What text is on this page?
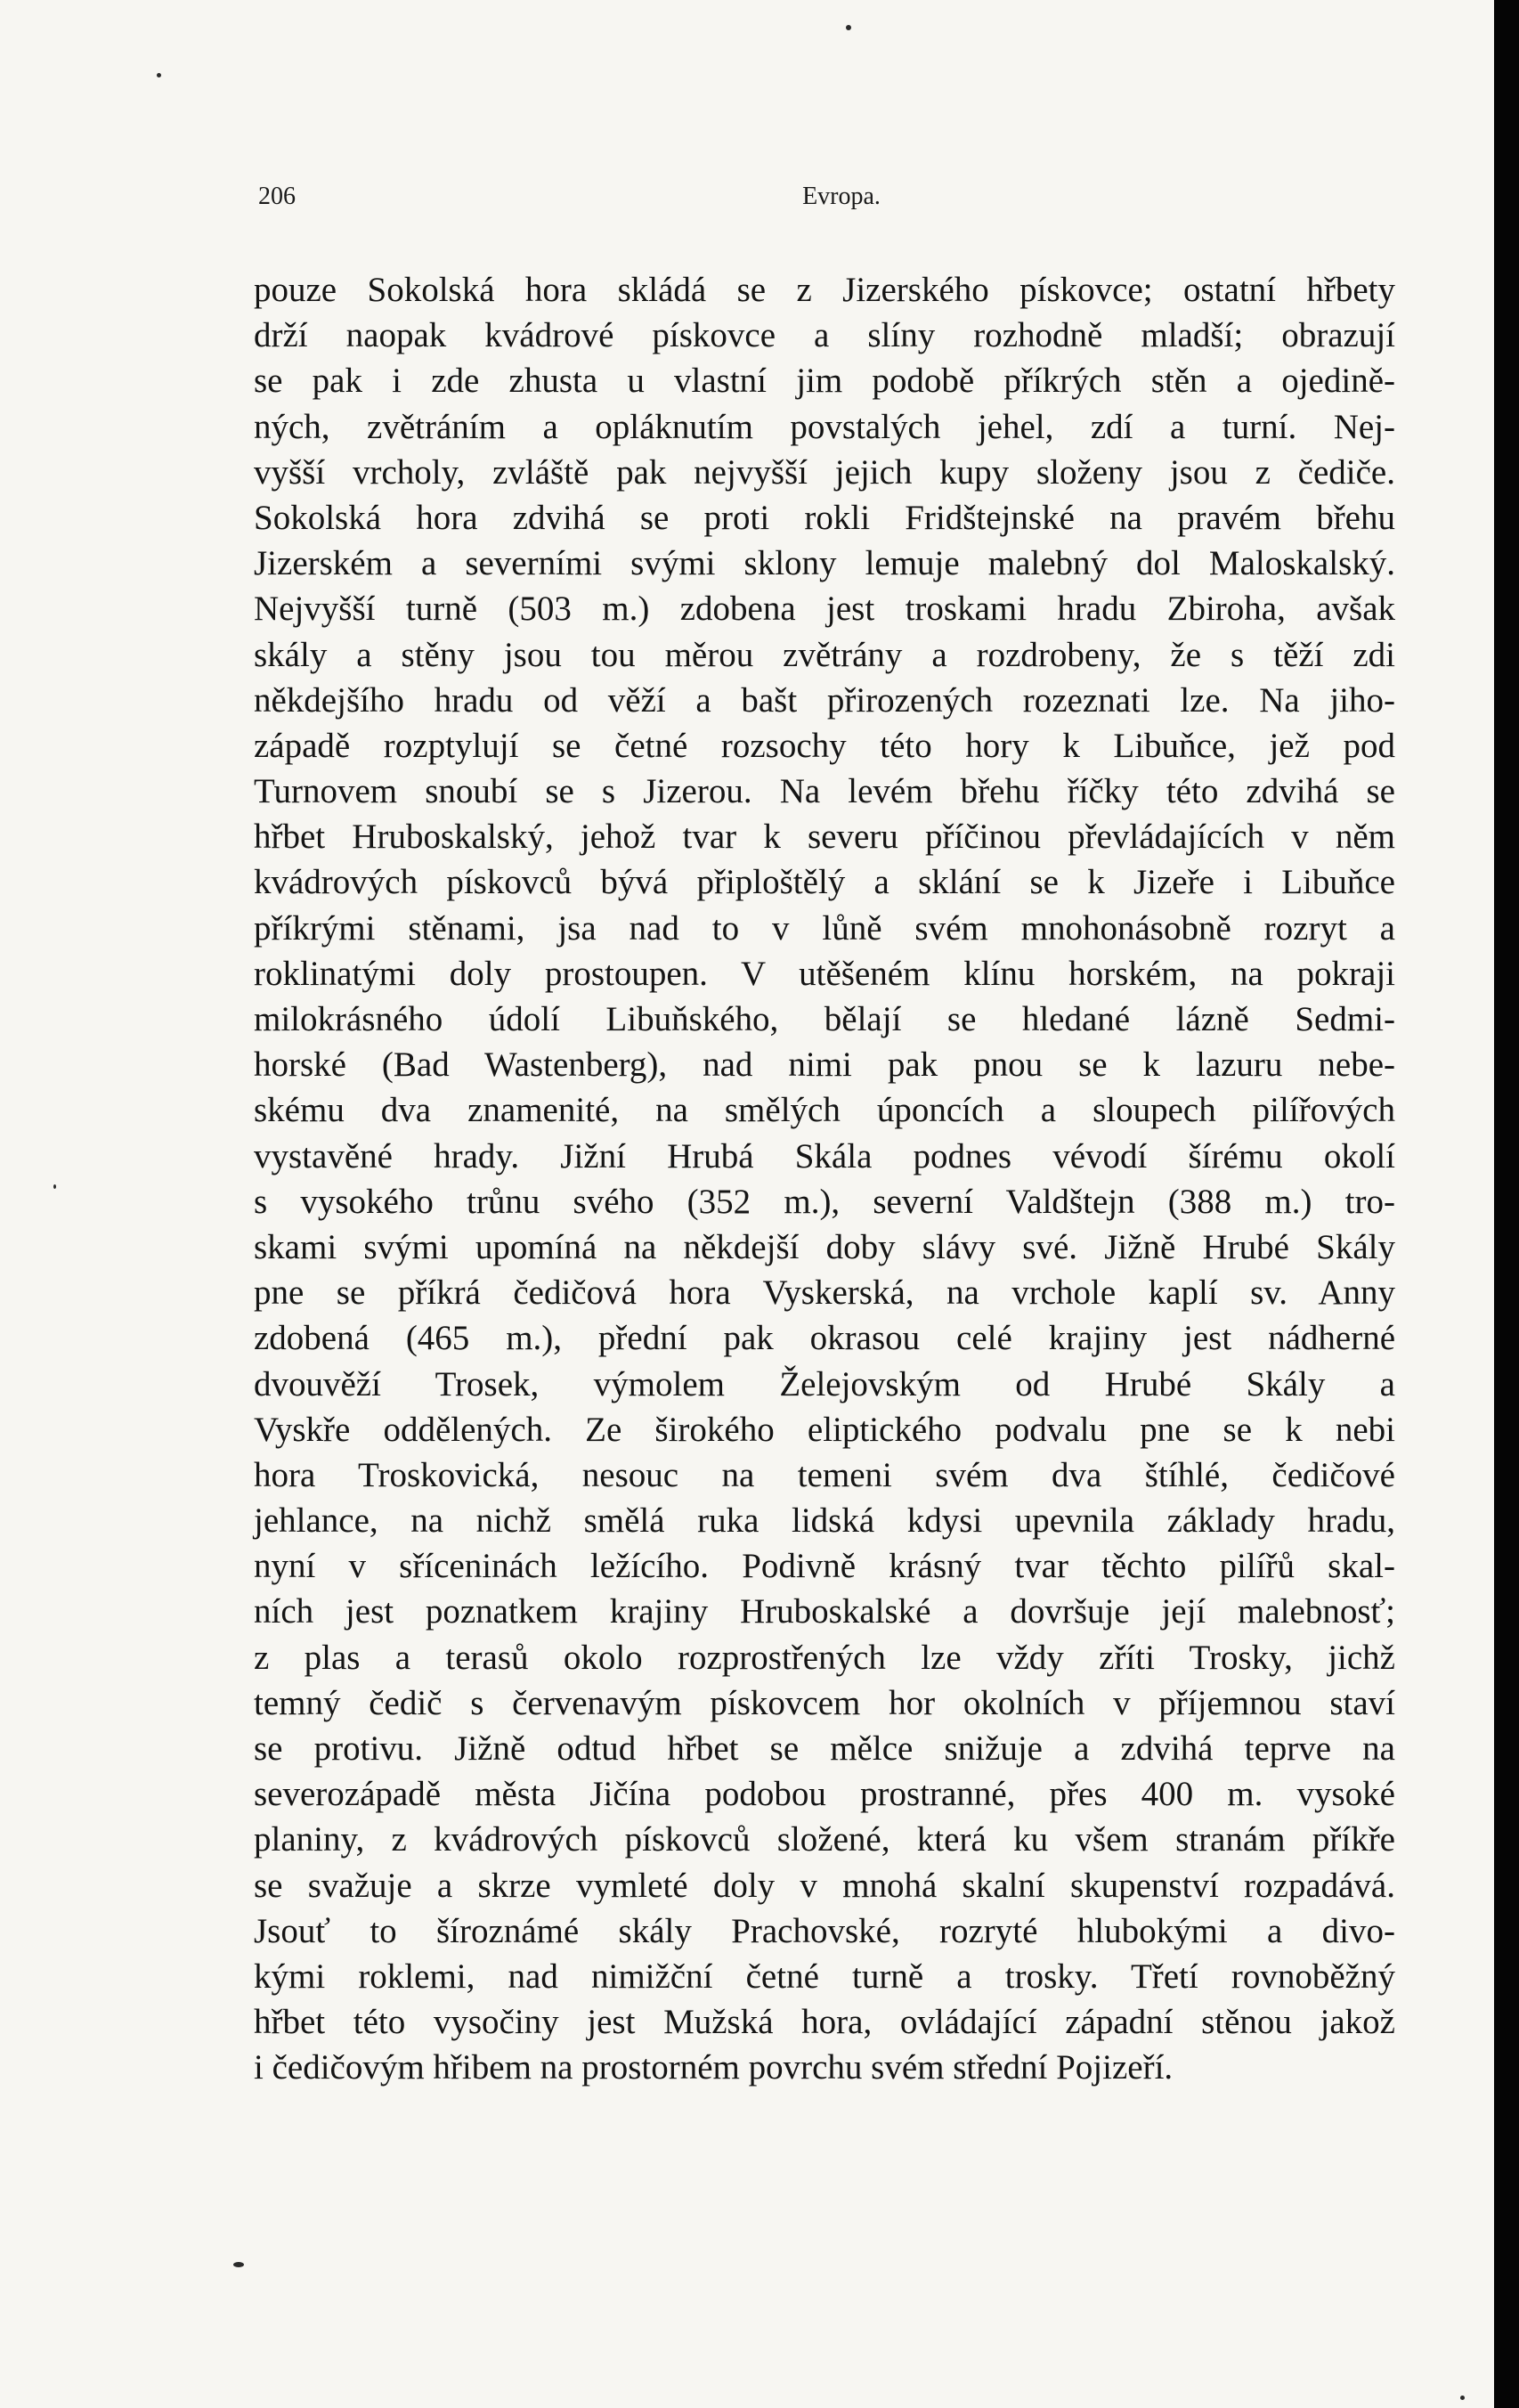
206	Evropa.
pouze Sokolská hora skládá se z Jizerského pískovce; ostatní hřbety
drží naopak kvádrové pískovce a slíny rozhodně mladší; obrazují
se pak i zde zhusta u vlastní jim podobě příkrých stěn a ojedině-
ných, zvětráním a opláknutím povstalých jehel, zdí a turní. Nej-
vyšší vrcholy, zvláště pak nejvyšší jejich kupy složeny jsou z čediče.
Sokolská hora zdvihá se proti rokli Fridštejnské na pravém břehu
Jizerském a severními svými sklony lemuje malebný dol Maloskalský.
Nejvyšší turně (503 m.) zdobena jest troskami hradu Zbiroha, avšak
skály a stěny jsou tou měrou zvětrány a rozdrobeny, že s těží zdi
někdejšího hradu od věží a bašt přirozených rozeznati lze. Na jiho-
západě rozptylují se četné rozsochy této hory k Libuňce, jež pod
Turnovem snoubí se s Jizerou. Na levém břehu říčky této zdvihá se
hřbet Hruboskalský, jehož tvar k severu příčinou převládajících v něm
kvádrových pískovců bývá připloštělý a sklání se k Jizeře i Libuňce
příkrými stěnami, jsa nad to v lůně svém mnohonásobně rozryt a
roklinatými doly prostoupen. V utěšeném klínu horském, na pokraji
milokrásného údolí Libuňského, bělají se hledané lázně Sedmi-
horské (Bad Wastenberg), nad nimi pak pnou se k lazuru nebe-
skému dva znamenité, na smělých úponcích a sloupech pilířových
vystavěné hrady. Jižní Hrubá Skála podnes vévodí šírému okolí
s vysokého trůnu svého (352 m.), severní Valdštejn (388 m.) tro-
skami svými upomíná na někdejší doby slávy své. Jižně Hrubé Skály
pne se příkrá čedičová hora Vyskerská, na vrchole kaplí sv. Anny
zdobená (465 m.), přední pak okrasou celé krajiny jest nádherné
dvouvěží Trosek, výmolem Želejovským od Hrubé Skály a
Vyskře oddělených. Ze širokého eliptického podvalu pne se k nebi
hora Troskovická, nesouc na temeni svém dva štíhlé, čedičové
jehlance, na nichž smělá ruka lidská kdysi upevnila základy hradu,
nyní v sříceninách ležícího. Podivně krásný tvar těchto pilířů skal-
ních jest poznatkem krajiny Hruboskalské a dovršuje její malebnosť;
z plas a terasů okolo rozprostřených lze vždy zříti Trosky, jichž
temný čedič s červenavým pískovcem hor okolních v příjemnou staví
se protivu. Jižně odtud hřbet se mělce snižuje a zdvihá teprve na
severozápadě města Jičína podobou prostranné, přes 400 m. vysoké
planiny, z kvádrových pískovců složené, která ku všem stranám příkře
se svažuje a skrze vymleté doly v mnohá skalní skupenství rozpadává.
Jsouť to šíroznámé skály Prachovské, rozryté hlubokými a divo-
kými roklemi, nad nimižční četné turně a trosky. Třetí rovnoběžný
hřbet této vysočiny jest Mužská hora, ovládající západní stěnou jakož
i čedičovým hřibem na prostorném povrchu svém střední Pojizeří.
